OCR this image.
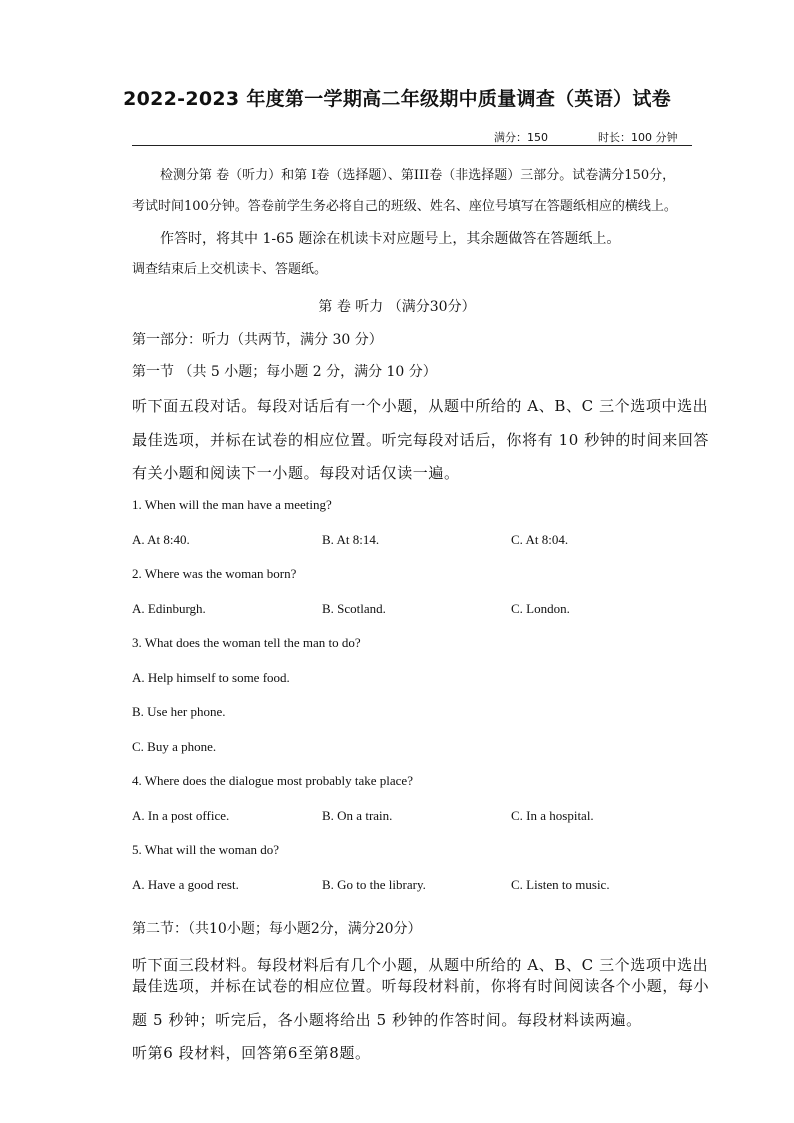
2022-2023 年度第一学期高二年级期中质量调查（英语）试卷
满分：150	时长：100 分钟
检测分第 卷（听力）和第 I卷（选择题）、第III卷（非选择题）三部分。试卷满分150分，
考试时间100分钟。答卷前学生务必将自己的班级、姓名、座位号填写在答题纸相应的横线上。
作答时，将其中 1-65 题涂在机读卡对应题号上，其余题做答在答题纸上。
调查结束后上交机读卡、答题纸。
第 卷 听力 （满分30分）
第一部分：听力（共两节，满分 30 分）
第一节 （共 5 小题；每小题 2 分，满分 10 分）
听下面五段对话。每段对话后有一个小题，从题中所给的 A、B、C 三个选项中选出
最佳选项，并标在试卷的相应位置。听完每段对话后，你将有 10 秒钟的时间来回答
有关小题和阅读下一小题。每段对话仅读一遍。
1. When will the man have a meeting?
A. At 8:40.	B. At 8:14.	C. At 8:04.
2. Where was the woman born?
A. Edinburgh.	B. Scotland.	C. London.
3. What does the woman tell the man to do?
A. Help himself to some food.
B. Use her phone.
C. Buy a phone.
4. Where does the dialogue most probably take place?
A. In a post office.	B. On a train.	C. In a hospital.
5. What will the woman do?
A. Have a good rest.	B. Go to the library.	C. Listen to music.
第二节：（共10小题；每小题2分，满分20分）
听下面三段材料。每段材料后有几个小题，从题中所给的 A、B、C 三个选项中选出
最佳选项，并标在试卷的相应位置。听每段材料前，你将有时间阅读各个小题，每小
题 5 秒钟；听完后，各小题将给出 5 秒钟的作答时间。每段材料读两遍。
听第6 段材料，回答第6至第8题。
